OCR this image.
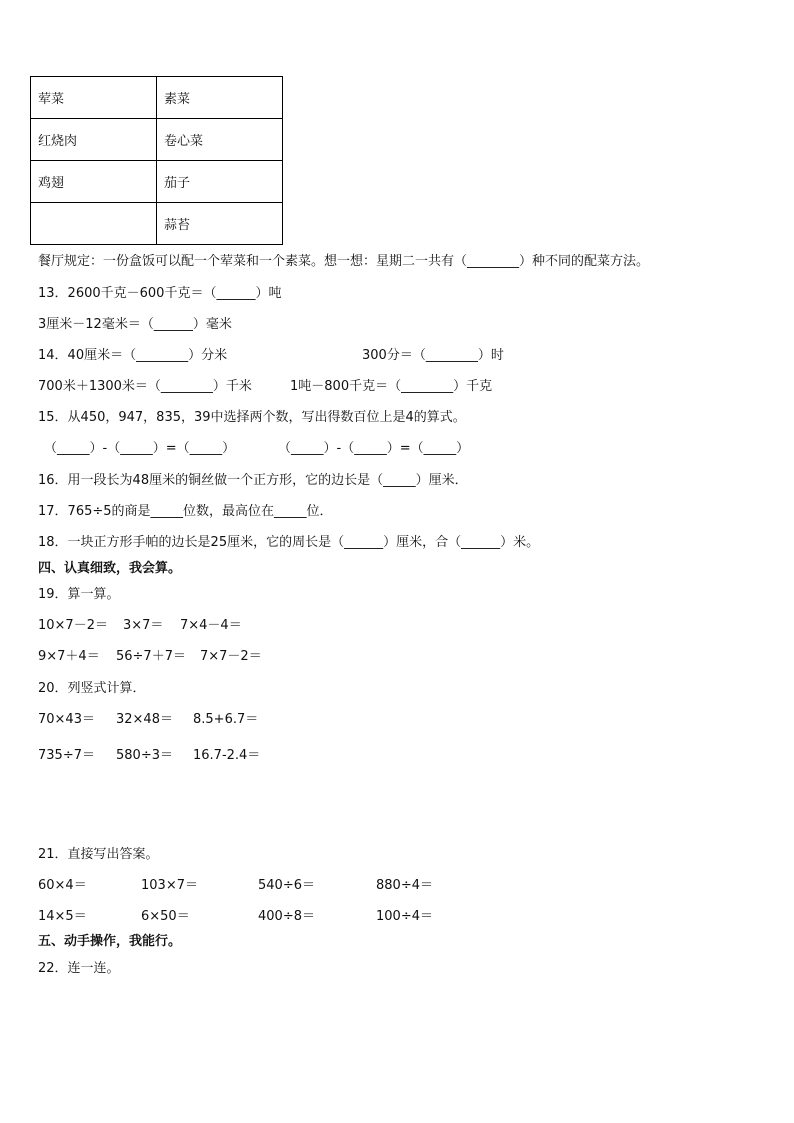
荤菜	素菜
红烧肉	卷心菜
鸡翅	茄子
	蒜苔
餐厅规定：一份盒饭可以配一个荤菜和一个素菜。想一想：星期二一共有（________）种不同的配菜方法。
13．2600千克－600千克＝（______）吨
3厘米－12毫米＝（______）毫米
14．40厘米＝（________）分米	300分＝（________）时
700米＋1300米＝（________）千米	1吨－800千克＝（________）千克
15．从450，947，835，39中选择两个数，写出得数百位上是4的算式。
（_____）-（_____）=（_____）	（_____）-（_____）=（_____）
16．用一段长为48厘米的铜丝做一个正方形，它的边长是（_____）厘米．
17．765÷5的商是_____位数，最高位在_____位．
18．一块正方形手帕的边长是25厘米，它的周长是（______）厘米，合（______）米。
四、认真细致，我会算。
19．算一算。
10×7－2＝ 3×7＝ 7×4－4＝
9×7＋4＝ 56÷7＋7＝ 7×7－2＝
20．列竖式计算．
70×43＝ 32×48＝ 8.5+6.7＝
735÷7＝ 580÷3＝ 16.7-2.4＝
21．直接写出答案。
60×4＝	103×7＝	540÷6＝	880÷4＝
14×5＝	6×50＝	400÷8＝	100÷4＝
五、动手操作，我能行。
22．连一连。
